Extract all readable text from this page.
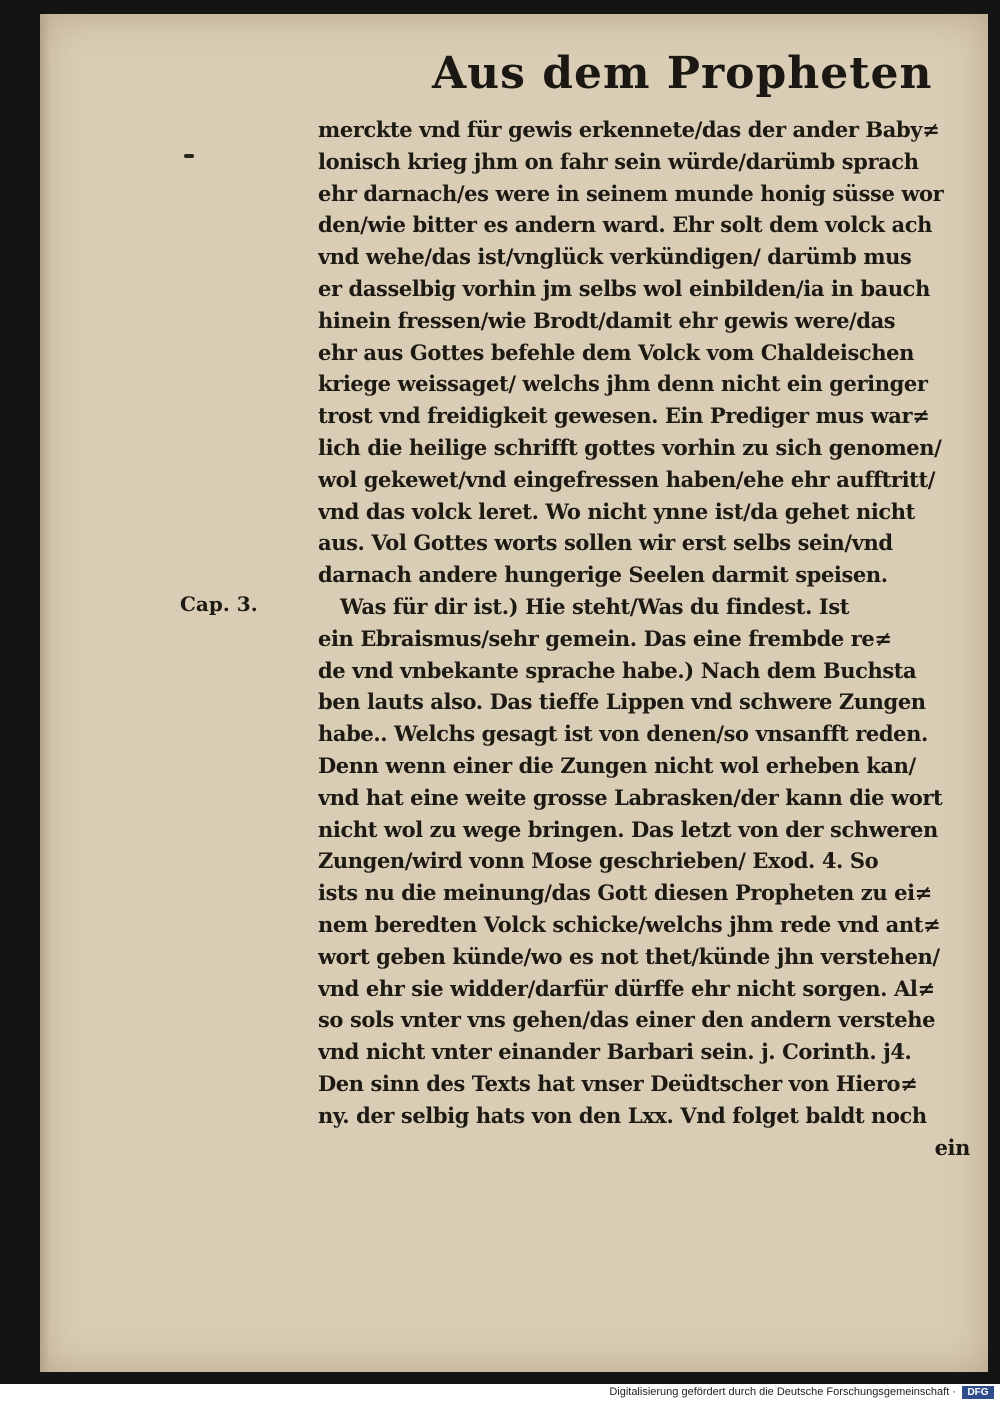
Aus dem Propheten
Cap. 3.
merckte vnd für gewis erkennete/das der ander Baby≠
lonisch krieg jhm on fahr sein würde/darümb sprach
ehr darnach/es were in seinem munde honig süsse wor
den/wie bitter es andern ward. Ehr solt dem volck ach
vnd wehe/das ist/vnglück verkündigen/ darümb mus
er dasselbig vorhin jm selbs wol einbilden/ia in bauch
hinein fressen/wie Brodt/damit ehr gewis were/das
ehr aus Gottes befehle dem Volck vom Chaldeischen
kriege weissaget/ welchs jhm denn nicht ein geringer
trost vnd freidigkeit gewesen. Ein Prediger mus war≠
lich die heilige schrifft gottes vorhin zu sich genomen/
wol gekewet/vnd eingefressen haben/ehe ehr aufftritt/
vnd das volck leret. Wo nicht ynne ist/da gehet nicht
aus. Vol Gottes worts sollen wir erst selbs sein/vnd
darnach andere hungerige Seelen darmit speisen.
Was für dir ist.) Hie steht/Was du findest. Ist
ein Ebraismus/sehr gemein. Das eine frembde re≠
de vnd vnbekante sprache habe.) Nach dem Buchsta
ben lauts also. Das tieffe Lippen vnd schwere Zungen
habe.. Welchs gesagt ist von denen/so vnsanfft reden.
Denn wenn einer die Zungen nicht wol erheben kan/
vnd hat eine weite grosse Labrasken/der kann die wort
nicht wol zu wege bringen. Das letzt von der schweren
Zungen/wird vonn Mose geschrieben/ Exod. 4. So
ists nu die meinung/das Gott diesen Propheten zu ei≠
nem beredten Volck schicke/welchs jhm rede vnd ant≠
wort geben künde/wo es not thet/künde jhn verstehen/
vnd ehr sie widder/darfür dürffe ehr nicht sorgen. Al≠
so sols vnter vns gehen/das einer den andern verstehe
vnd nicht vnter einander Barbari sein. j. Corinth. j4.
Den sinn des Texts hat vnser Deüdtscher von Hiero≠
ny. der selbig hats von den Lxx. Vnd folget baldt noch
ein
Digitalisierung gefördert durch die Deutsche Forschungsgemeinschaft ·	DFG
